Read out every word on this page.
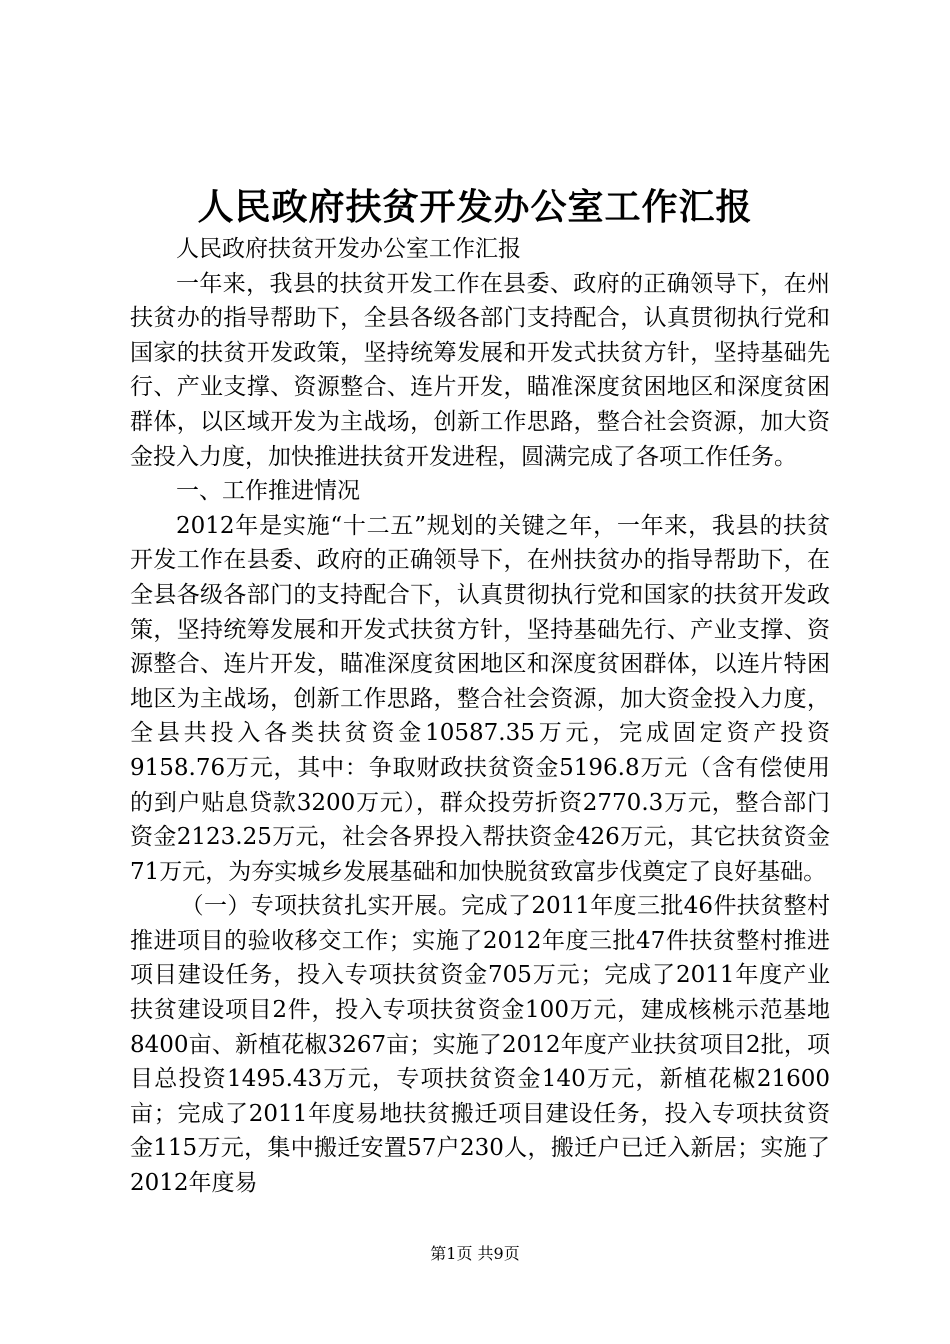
人民政府扶贫开发办公室工作汇报

人民政府扶贫开发办公室工作汇报

一年来，我县的扶贫开发工作在县委、政府的正确领导下，在州扶贫办的指导帮助下，全县各级各部门支持配合，认真贯彻执行党和国家的扶贫开发政策，坚持统筹发展和开发式扶贫方针，坚持基础先行、产业支撑、资源整合、连片开发，瞄准深度贫困地区和深度贫困群体，以区域开发为主战场，创新工作思路，整合社会资源，加大资金投入力度，加快推进扶贫开发进程，圆满完成了各项工作任务。

一、工作推进情况

2012年是实施“十二五”规划的关键之年，一年来，我县的扶贫开发工作在县委、政府的正确领导下，在州扶贫办的指导帮助下，在全县各级各部门的支持配合下，认真贯彻执行党和国家的扶贫开发政策，坚持统筹发展和开发式扶贫方针，坚持基础先行、产业支撑、资源整合、连片开发，瞄准深度贫困地区和深度贫困群体，以连片特困地区为主战场，创新工作思路，整合社会资源，加大资金投入力度，全县共投入各类扶贫资金10587.35万元，完成固定资产投资9158.76万元，其中：争取财政扶贫资金5196.8万元（含有偿使用的到户贴息贷款3200万元），群众投劳折资2770.3万元，整合部门资金2123.25万元，社会各界投入帮扶资金426万元，其它扶贫资金71万元，为夯实城乡发展基础和加快脱贫致富步伐奠定了良好基础。

（一）专项扶贫扎实开展。完成了2011年度三批46件扶贫整村推进项目的验收移交工作；实施了2012年度三批47件扶贫整村推进项目建设任务，投入专项扶贫资金705万元；完成了2011年度产业扶贫建设项目2件，投入专项扶贫资金100万元，建成核桃示范基地8400亩、新植花椒3267亩；实施了2012年度产业扶贫项目2批，项目总投资1495.43万元，专项扶贫资金140万元，新植花椒21600亩；完成了2011年度易地扶贫搬迁项目建设任务，投入专项扶贫资金115万元，集中搬迁安置57户230人，搬迁户已迁入新居；实施了2012年度易

第1页 共9页
